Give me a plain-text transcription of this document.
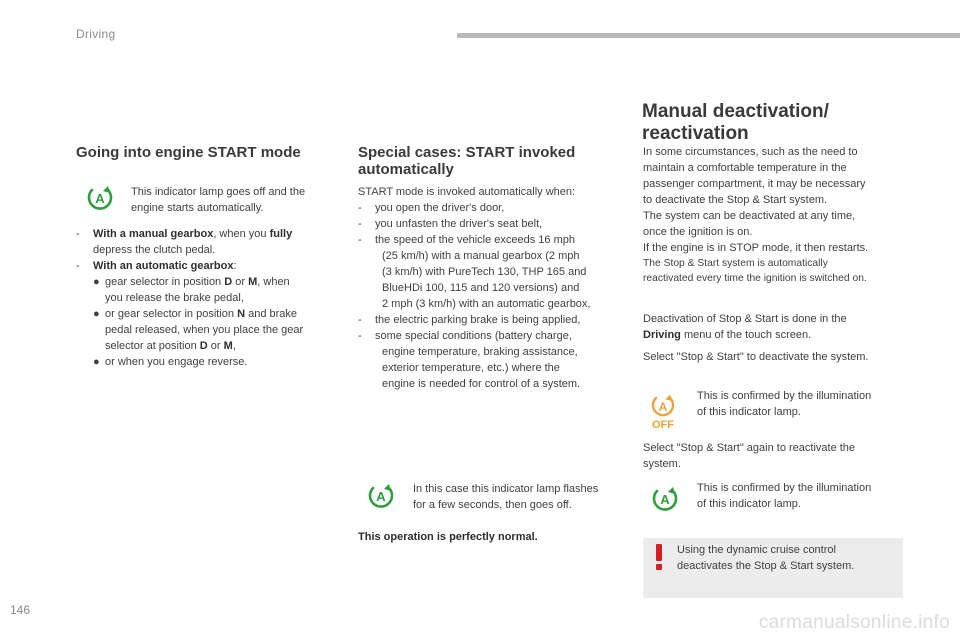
Driving
Going into engine START mode
A This indicator lamp goes off and the engine starts automatically.
- With a manual gearbox, when you fully
depress the clutch pedal.
- With an automatic gearbox:
● gear selector in position D or M, when
you release the brake pedal,
● or gear selector in position N and brake
pedal released, when you place the gear
selector at position D or M,
● or when you engage reverse.
Special cases: START invoked
automatically
START mode is invoked automatically when:
- you open the driver's door,
- you unfasten the driver's seat belt,
- the speed of the vehicle exceeds 16 mph
(25 km/h) with a manual gearbox (2 mph
(3 km/h) with PureTech 130, THP 165 and
BlueHDi 100, 115 and 120 versions) and
2 mph (3 km/h) with an automatic gearbox,
- the electric parking brake is being applied,
- some special conditions (battery charge,
engine temperature, braking assistance,
exterior temperature, etc.) where the
engine is needed for control of a system.
A In this case this indicator lamp flashes
for a few seconds, then goes off.
This operation is perfectly normal.
Manual deactivation/
reactivation
In some circumstances, such as the need to
maintain a comfortable temperature in the
passenger compartment, it may be necessary
to deactivate the Stop & Start system.
The system can be deactivated at any time,
once the ignition is on.
If the engine is in STOP mode, it then restarts.
The Stop & Start system is automatically
reactivated every time the ignition is switched on.
Deactivation of Stop & Start is done in the
Driving menu of the touch screen.
Select "Stop & Start" to deactivate the system.
A
OFF
This is confirmed by the illumination
of this indicator lamp.
Select "Stop & Start" again to reactivate the
system.
A
This is confirmed by the illumination
of this indicator lamp.
Using the dynamic cruise control
deactivates the Stop & Start system.
146
carmanualsonline.info
